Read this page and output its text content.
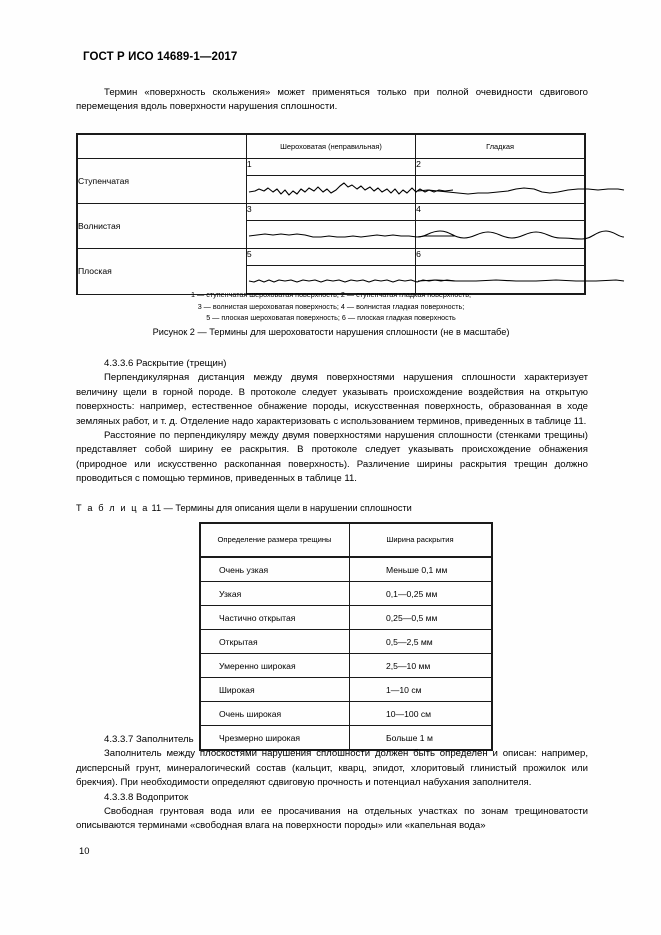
ГОСТ Р ИСО 14689-1—2017

Термин «поверхность скольжения» может применяться только при полной очевидности сдвигового перемещения вдоль поверхности нарушения сплошности.

	Шероховатая (неправильная)	Гладкая
Ступенчатая	1	2

Волнистая	3	4

Плоская	5	6

1 — ступенчатая шероховатая поверхность; 2 — ступенчатая гладкая поверхность;
3 — волнистая шероховатая поверхность; 4 — волнистая гладкая поверхность;
5 — плоская шероховатая поверхность; 6 — плоская гладкая поверхность
Рисунок 2 — Термины для шероховатости нарушения сплошности (не в масштабе)

4.3.3.6 Раскрытие (трещин)

Перпендикулярная дистанция между двумя поверхностями нарушения сплошности характеризует величину щели в горной породе. В протоколе следует указывать происхождение воздействия на открытую поверхность: например, естественное обнажение породы, искусственная поверхность, образованная в ходе земляных работ, и т. д. Отделение надо характеризовать с использованием терминов, приведенных в таблице 11.

Расстояние по перпендикуляру между двумя поверхностями нарушения сплошности (стенками трещины) представляет собой ширину ее раскрытия. В протоколе следует указывать происхождение обнажения (природное или искусственно раскопанная поверхность). Различение ширины раскрытия трещин должно проводиться с помощью терминов, приведенных в таблице 11.

Т а б л и ц а 11 — Термины для описания щели в нарушении сплошности
Определение размера трещины	Ширина раскрытия
Очень узкая	Меньше 0,1 мм
Узкая	0,1—0,25 мм
Частично открытая	0,25—0,5 мм
Открытая	0,5—2,5 мм
Умеренно широкая	2,5—10 мм
Широкая	1—10 см
Очень широкая	10—100 см
Чрезмерно широкая	Больше 1 м

4.3.3.7 Заполнитель

Заполнитель между плоскостями нарушения сплошности должен быть определен и описан: например, дисперсный грунт, минералогический состав (кальцит, кварц, эпидот, хлоритовый глинистый прожилок или брекчия). При необходимости определяют сдвиговую прочность и потенциал набухания заполнителя.

4.3.3.8 Водоприток

Свободная грунтовая вода или ее просачивания на отдельных участках по зонам трещиноватости описываются терминами «свободная влага на поверхности породы» или «капельная вода»

10
